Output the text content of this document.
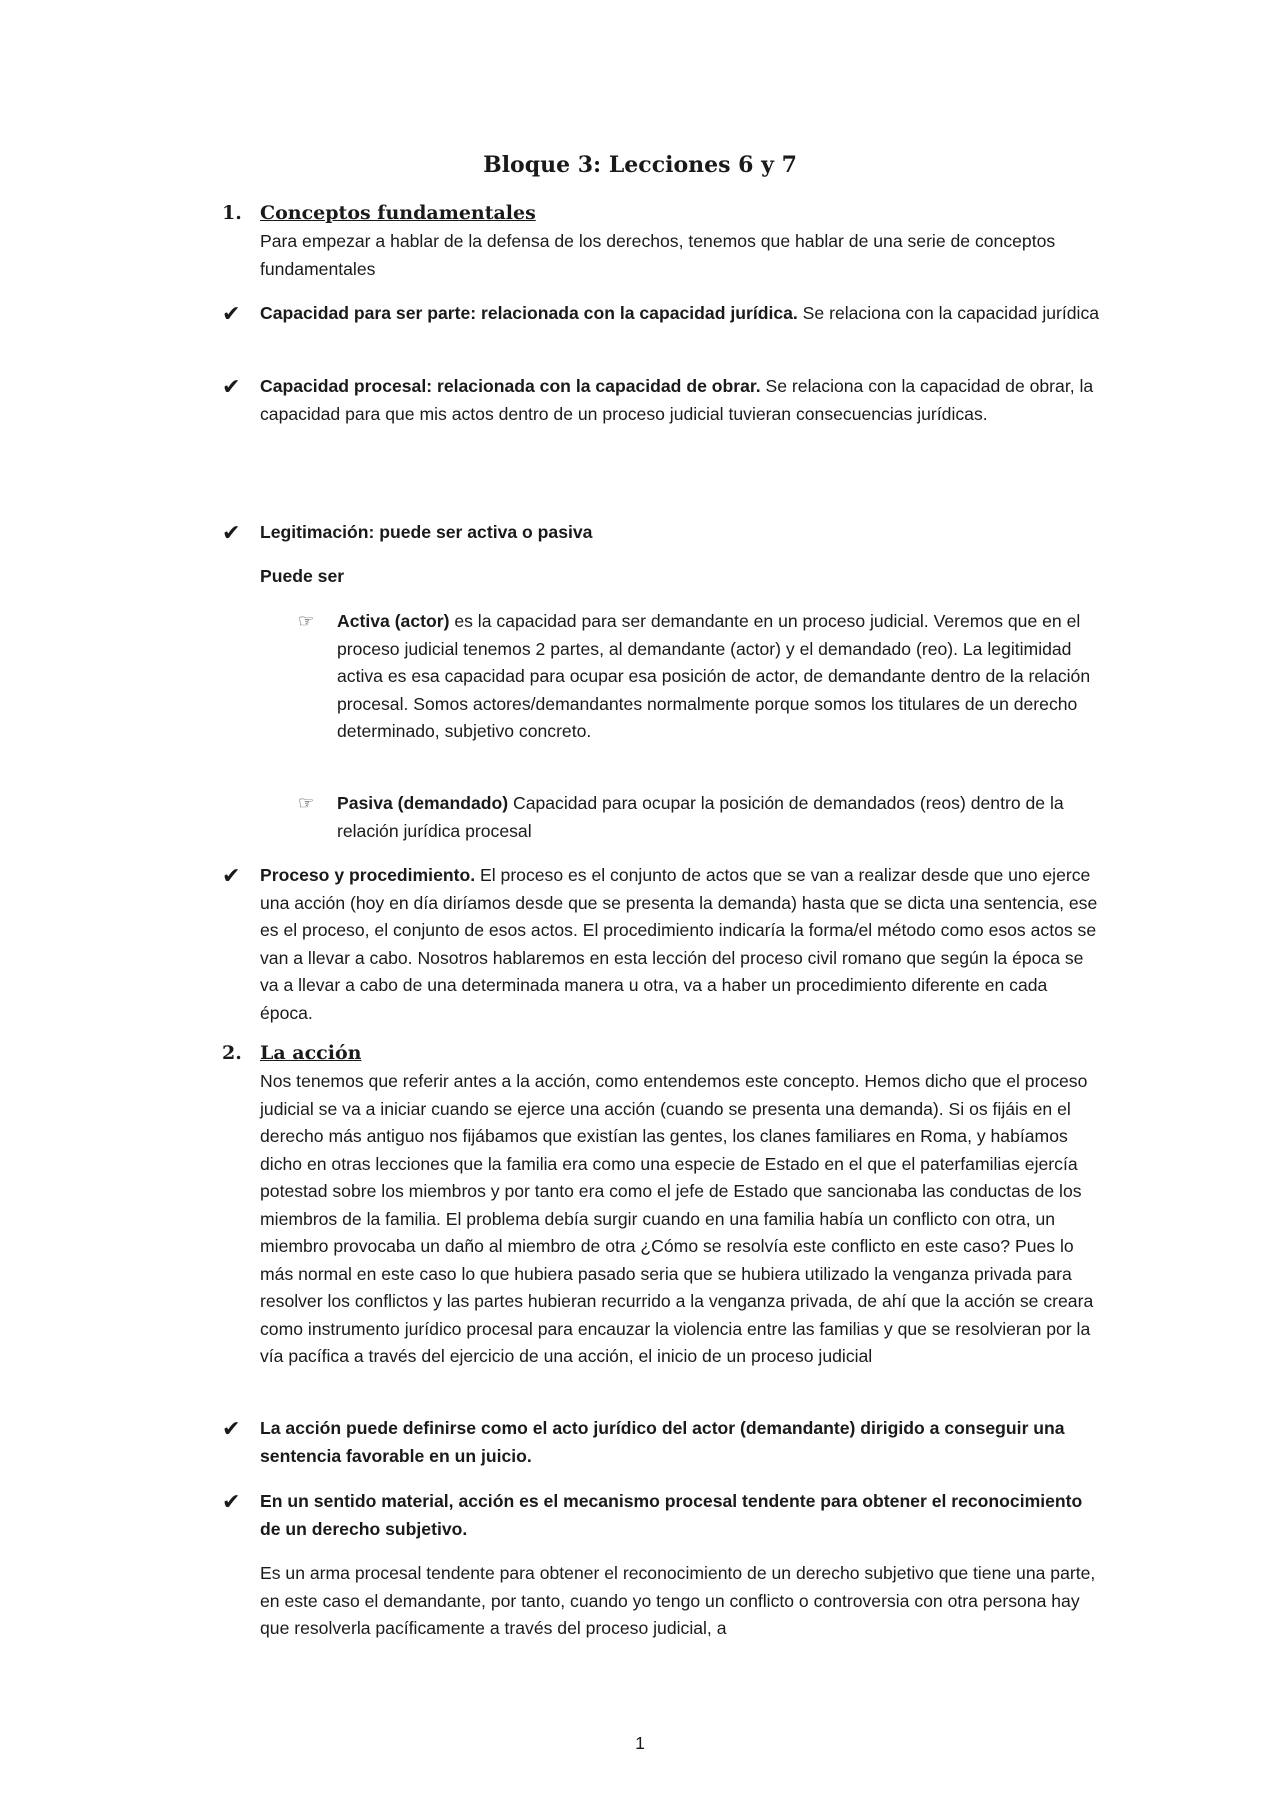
Bloque 3: Lecciones 6 y 7
1. Conceptos fundamentales
Para empezar a hablar de la defensa de los derechos, tenemos que hablar de una serie de conceptos fundamentales
✔ Capacidad para ser parte: relacionada con la capacidad jurídica. Se relaciona con la capacidad jurídica
✔ Capacidad procesal: relacionada con la capacidad de obrar. Se relaciona con la capacidad de obrar, la capacidad para que mis actos dentro de un proceso judicial tuvieran consecuencias jurídicas.
✔ Legitimación: puede ser activa o pasiva
Puede ser
☞ Activa (actor) es la capacidad para ser demandante en un proceso judicial. Veremos que en el proceso judicial tenemos 2 partes, al demandante (actor) y el demandado (reo). La legitimidad activa es esa capacidad para ocupar esa posición de actor, de demandante dentro de la relación procesal. Somos actores/demandantes normalmente porque somos los titulares de un derecho determinado, subjetivo concreto.
☞ Pasiva (demandado) Capacidad para ocupar la posición de demandados (reos) dentro de la relación jurídica procesal
✔ Proceso y procedimiento. El proceso es el conjunto de actos que se van a realizar desde que uno ejerce una acción (hoy en día diríamos desde que se presenta la demanda) hasta que se dicta una sentencia, ese es el proceso, el conjunto de esos actos. El procedimiento indicaría la forma/el método como esos actos se van a llevar a cabo. Nosotros hablaremos en esta lección del proceso civil romano que según la época se va a llevar a cabo de una determinada manera u otra, va a haber un procedimiento diferente en cada época.
2. La acción
Nos tenemos que referir antes a la acción, como entendemos este concepto. Hemos dicho que el proceso judicial se va a iniciar cuando se ejerce una acción (cuando se presenta una demanda). Si os fijáis en el derecho más antiguo nos fijábamos que existían las gentes, los clanes familiares en Roma, y habíamos dicho en otras lecciones que la familia era como una especie de Estado en el que el paterfamilias ejercía potestad sobre los miembros y por tanto era como el jefe de Estado que sancionaba las conductas de los miembros de la familia. El problema debía surgir cuando en una familia había un conflicto con otra, un miembro provocaba un daño al miembro de otra ¿Cómo se resolvía este conflicto en este caso? Pues lo más normal en este caso lo que hubiera pasado seria que se hubiera utilizado la venganza privada para resolver los conflictos y las partes hubieran recurrido a la venganza privada, de ahí que la acción se creara como instrumento jurídico procesal para encauzar la violencia entre las familias y que se resolvieran por la vía pacífica a través del ejercicio de una acción, el inicio de un proceso judicial
✔ La acción puede definirse como el acto jurídico del actor (demandante) dirigido a conseguir una sentencia favorable en un juicio.
✔ En un sentido material, acción es el mecanismo procesal tendente para obtener el reconocimiento de un derecho subjetivo.
Es un arma procesal tendente para obtener el reconocimiento de un derecho subjetivo que tiene una parte, en este caso el demandante, por tanto, cuando yo tengo un conflicto o controversia con otra persona hay que resolverla pacíficamente a través del proceso judicial, a
1
